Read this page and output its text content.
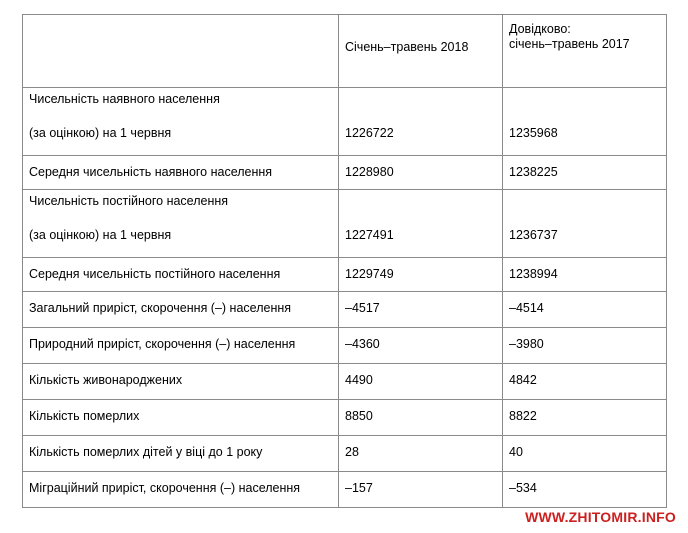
	Січень–травень 2018	Довідково:
січень–травень 2017

Чисельність наявного населення
(за оцінкою) на 1 червня	1226722	1235968

Середня чисельність наявного населення	1228980	1238225

Чисельність постійного населення
(за оцінкою) на 1 червня	1227491	1236737

Середня чисельність постійного населення	1229749	1238994
Загальний приріст, скорочення (–) населення	–4517	–4514
Природний приріст, скорочення (–) населення	–4360	–3980
Кількість живонароджених	4490	4842
Кількість померлих	8850	8822
Кількість померлих дітей у віці до 1 року	28	40
Міграційний приріст, скорочення (–) населення	–157	–534
WWW.ZHITOMIR.INFO
